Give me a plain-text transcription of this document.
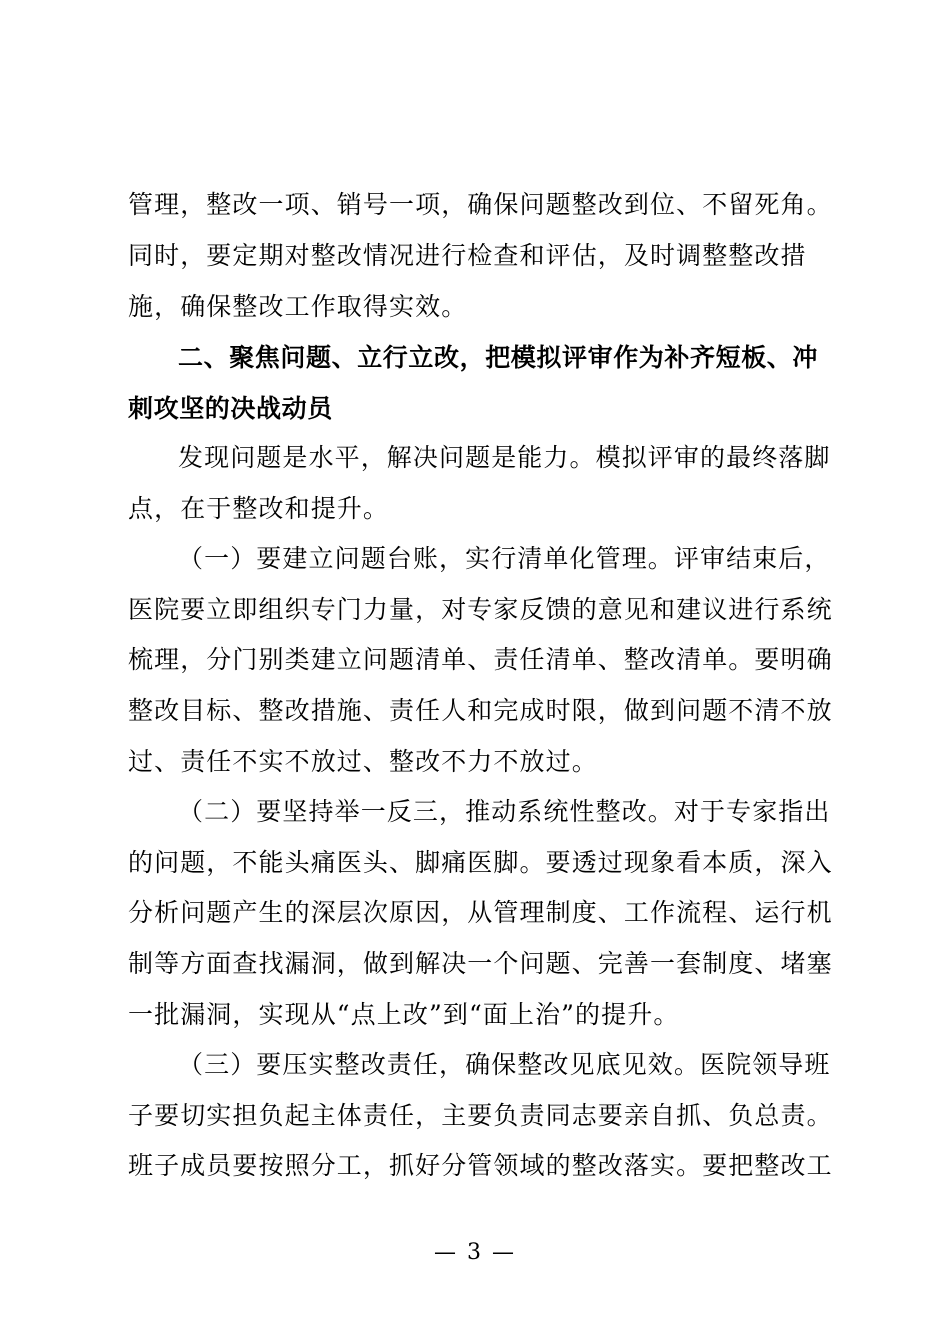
管理，整改一项、销号一项，确保问题整改到位、不留死角。
同时，要定期对整改情况进行检查和评估，及时调整整改措
施，确保整改工作取得实效。
二、聚焦问题、立行立改，把模拟评审作为补齐短板、冲
刺攻坚的决战动员
发现问题是水平，解决问题是能力。模拟评审的最终落脚
点，在于整改和提升。
（一）要建立问题台账，实行清单化管理。评审结束后，
医院要立即组织专门力量，对专家反馈的意见和建议进行系统
梳理，分门别类建立问题清单、责任清单、整改清单。要明确
整改目标、整改措施、责任人和完成时限，做到问题不清不放
过、责任不实不放过、整改不力不放过。
（二）要坚持举一反三，推动系统性整改。对于专家指出
的问题，不能头痛医头、脚痛医脚。要透过现象看本质，深入
分析问题产生的深层次原因，从管理制度、工作流程、运行机
制等方面查找漏洞，做到解决一个问题、完善一套制度、堵塞
一批漏洞，实现从“点上改”到“面上治”的提升。
（三）要压实整改责任，确保整改见底见效。医院领导班
子要切实担负起主体责任，主要负责同志要亲自抓、负总责。
班子成员要按照分工，抓好分管领域的整改落实。要把整改工
— 3 —
